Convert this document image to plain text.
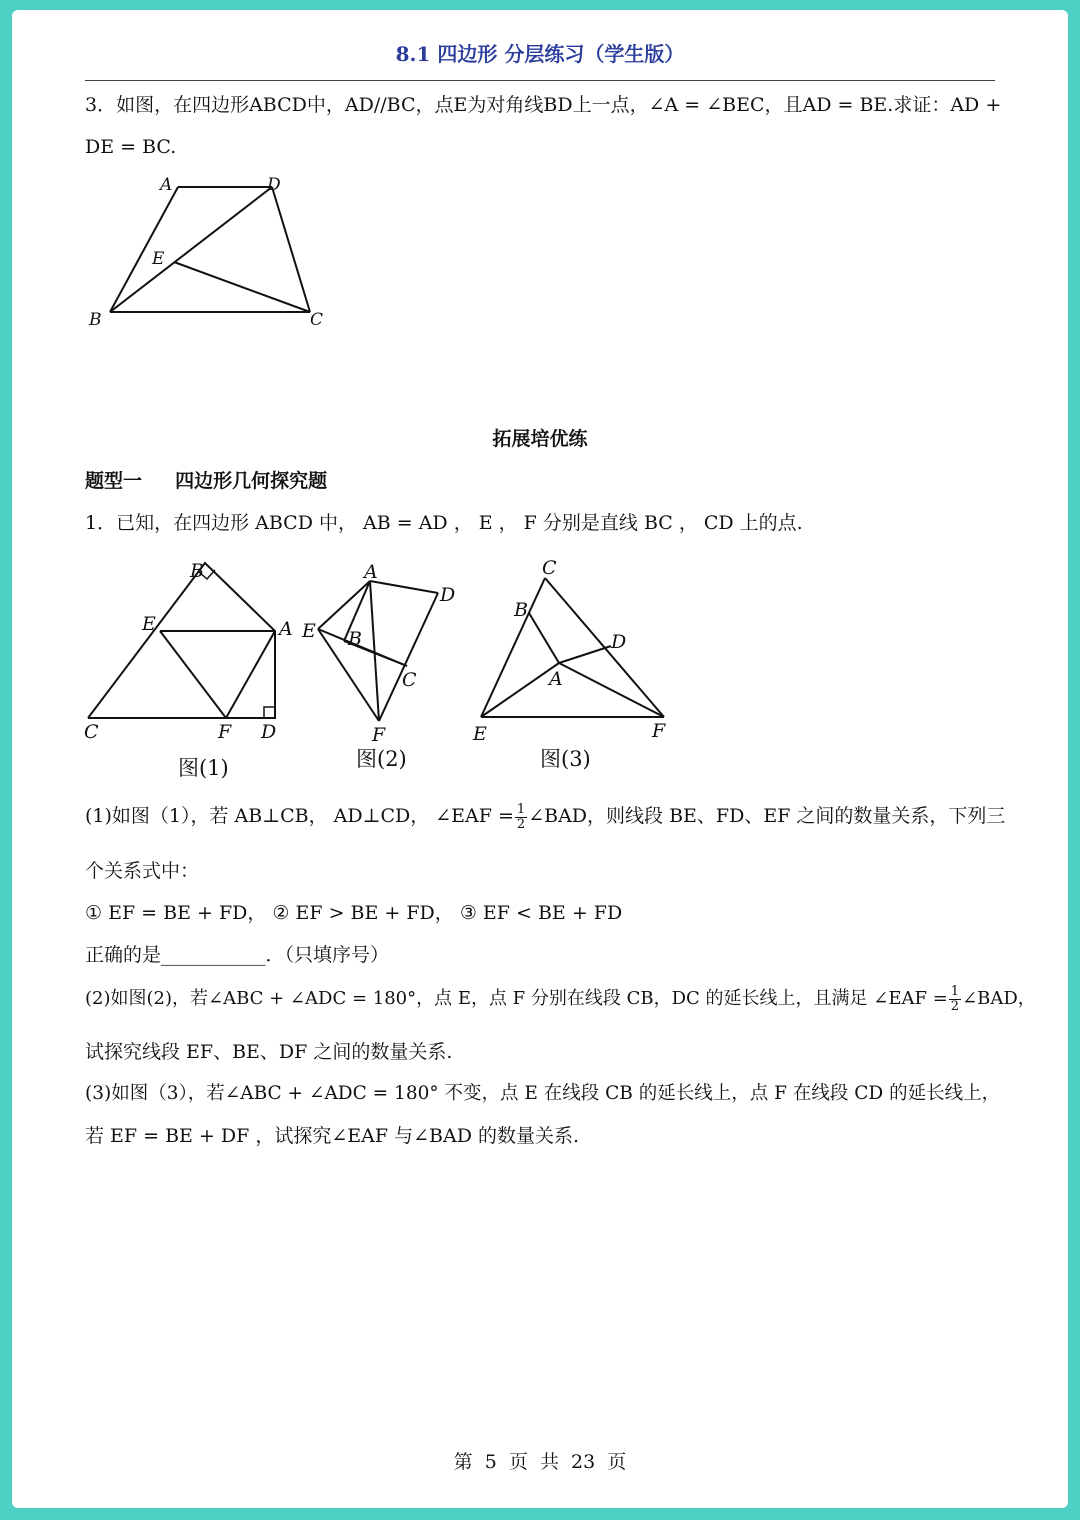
8.1 四边形 分层练习（学生版）
3．如图，在四边形ABCD中，AD//BC，点E为对角线BD上一点，∠A = ∠BEC，且AD = BE.求证：AD +
DE = BC.
A	D
E
B	C
拓展培优练
题型一     四边形几何探究题
1．已知，在四边形 ABCD 中， AB = AD ， E ， F 分别是直线 BC ， CD 上的点.
B
E	A
C	F D
图(1)
A
D
E B
C
F
图(2)
C
B
D
A
E	F
图(3)
(1)如图（1），若 AB⊥CB， AD⊥CD， ∠EAF = $\frac{1}{2}$ ∠BAD，则线段 BE、FD、EF 之间的数量关系，下列三
个关系式中：
① EF = BE + FD， ② EF > BE + FD， ③ EF < BE + FD
正确的是___________．（只填序号）
(2)如图(2)，若∠ABC + ∠ADC = 180°，点 E，点 F 分别在线段 CB，DC 的延长线上，且满足 ∠EAF = $\frac{1}{2}$ ∠BAD，
试探究线段 EF、BE、DF 之间的数量关系.
(3)如图（3），若∠ABC + ∠ADC = 180° 不变，点 E 在线段 CB 的延长线上，点 F 在线段 CD 的延长线上，
若 EF = BE + DF ，试探究∠EAF 与∠BAD 的数量关系.
第  5  页  共  23  页
